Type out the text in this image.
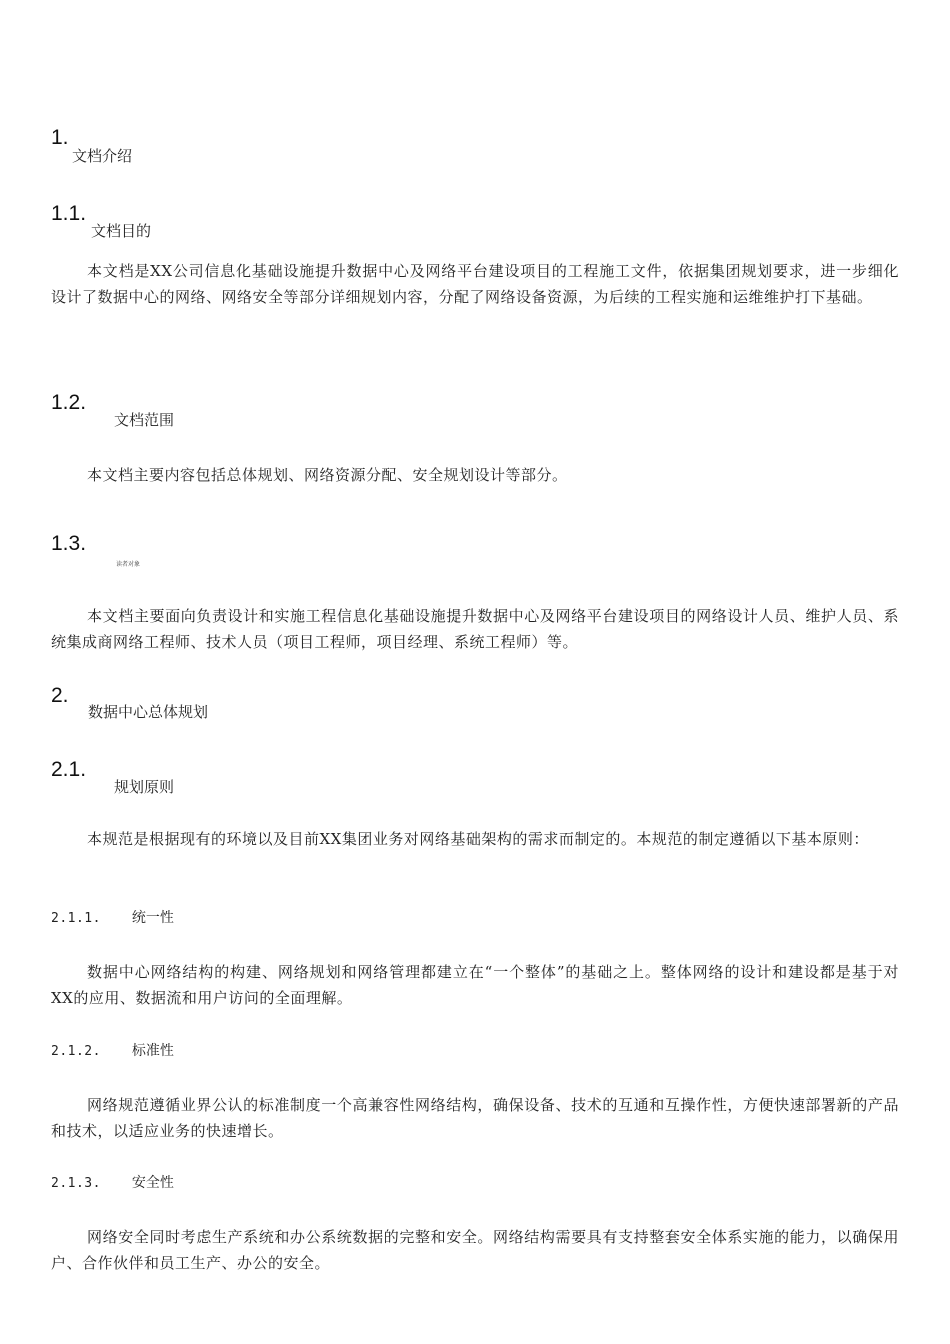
1.
文档介绍
1.1.
文档目的

本文档是XX公司信息化基础设施提升数据中心及网络平台建设项目的工程施工文件，依据集团规划要求，进一步细化设计了数据中心的网络、网络安全等部分详细规划内容，分配了网络设备资源，为后续的工程实施和运维维护打下基础。

1.2.
文档范围

本文档主要内容包括总体规划、网络资源分配、安全规划设计等部分。

1.3.
读者对象

本文档主要面向负责设计和实施工程信息化基础设施提升数据中心及网络平台建设项目的网络设计人员、维护人员、系统集成商网络工程师、技术人员（项目工程师，项目经理、系统工程师）等。

2.
数据中心总体规划
2.1.
规划原则

本规范是根据现有的环境以及目前XX集团业务对网络基础架构的需求而制定的。本规范的制定遵循以下基本原则：

2.1.1. 统一性

数据中心网络结构的构建、网络规划和网络管理都建立在“一个整体”的基础之上。整体网络的设计和建设都是基于对XX的应用、数据流和用户访问的全面理解。

2.1.2. 标准性

网络规范遵循业界公认的标准制度一个高兼容性网络结构，确保设备、技术的互通和互操作性，方便快速部署新的产品和技术，以适应业务的快速增长。

2.1.3. 安全性

网络安全同时考虑生产系统和办公系统数据的完整和安全。网络结构需要具有支持整套安全体系实施的能力，以确保用户、合作伙伴和员工生产、办公的安全。
